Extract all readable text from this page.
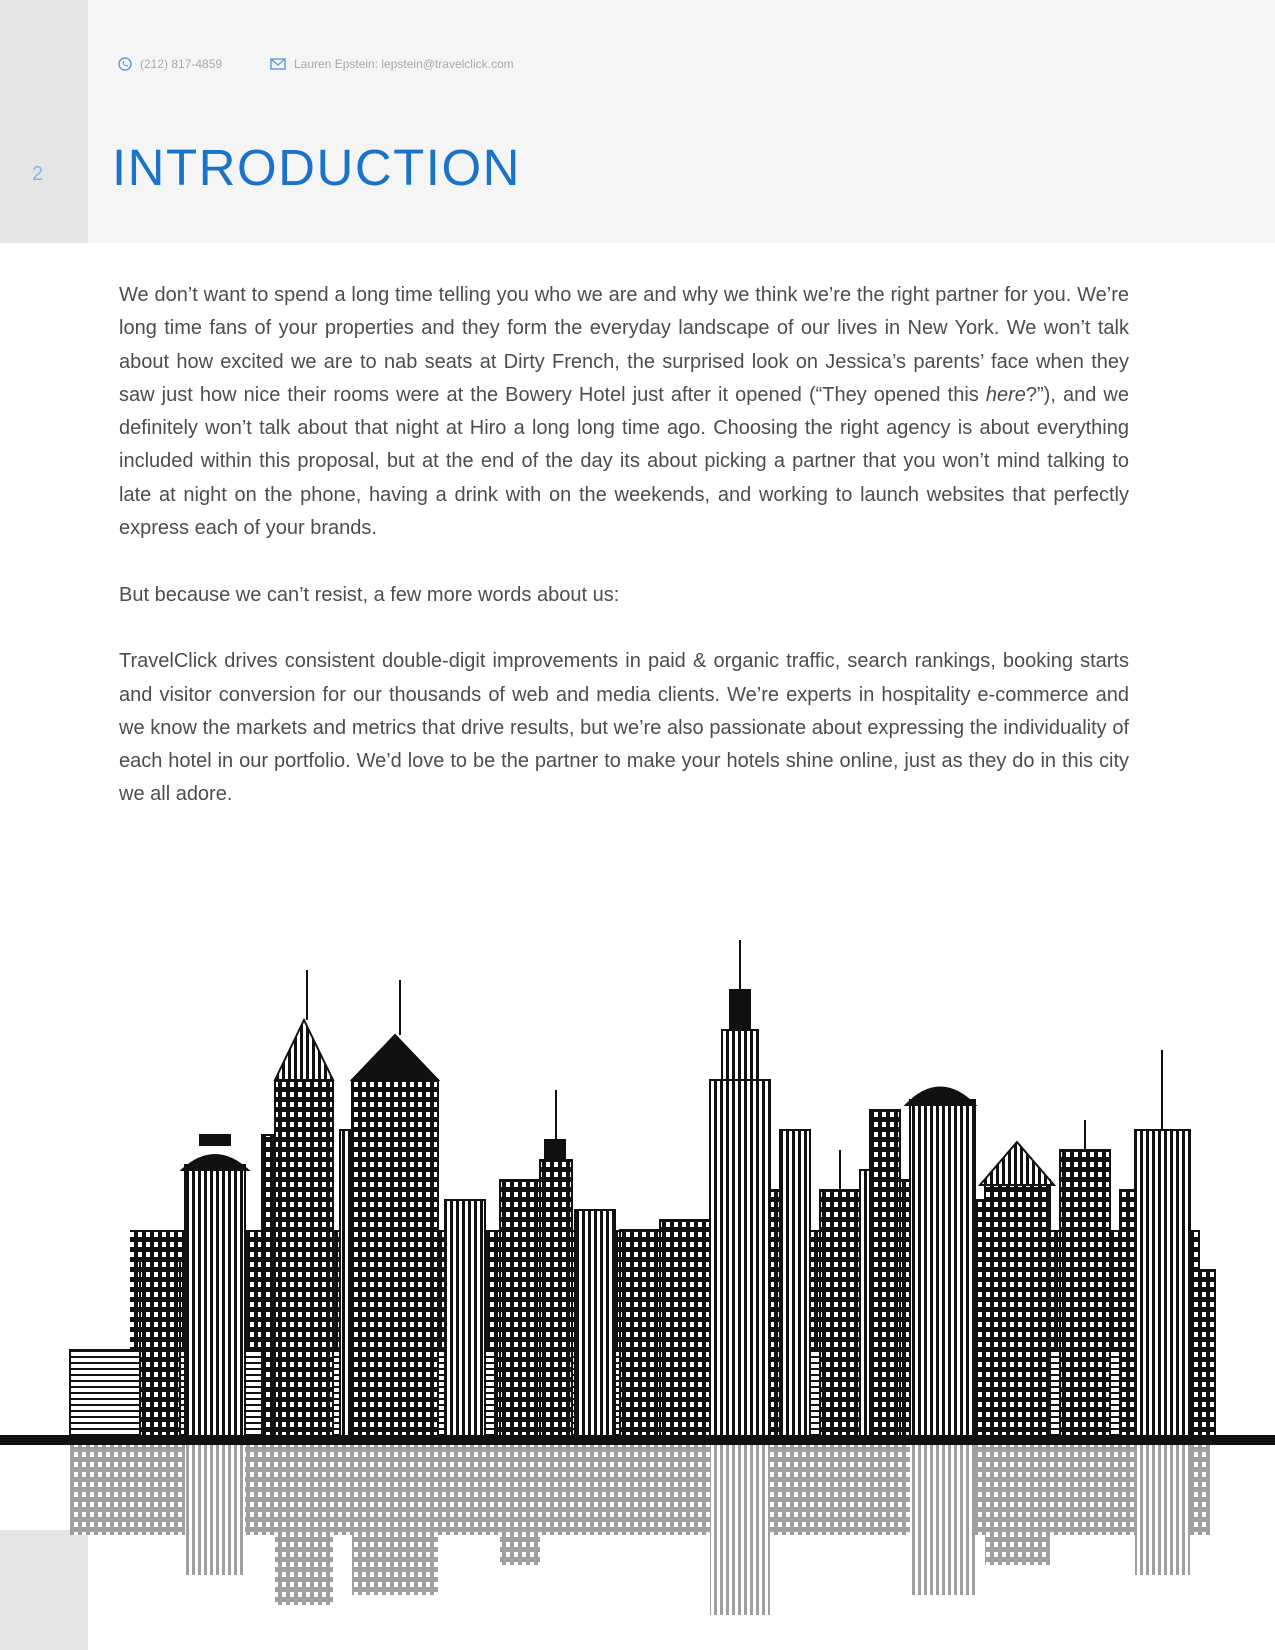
2
(212) 817-4859	Lauren Epstein: lepstein@travelclick.com
INTRODUCTION

We don’t want to spend a long time telling you who we are and why we think we’re the right partner for you. We’re long time fans of your properties and they form the everyday landscape of our lives in New York. We won’t talk about how excited we are to nab seats at Dirty French, the surprised look on Jessica’s parents’ face when they saw just how nice their rooms were at the Bowery Hotel just after it opened (“They opened this here?”), and we definitely won’t talk about that night at Hiro a long long time ago. Choosing the right agency is about everything included within this proposal, but at the end of the day its about picking a partner that you won’t mind talking to late at night on the phone, having a drink with on the weekends, and working to launch websites that perfectly express each of your brands.

But because we can’t resist, a few more words about us:

TravelClick drives consistent double-digit improvements in paid & organic traffic, search rankings, booking starts and visitor conversion for our thousands of web and media clients. We’re experts in hospitality e-commerce and we know the markets and metrics that drive results, but we’re also passionate about expressing the individuality of each hotel in our portfolio. We’d love to be the partner to make your hotels shine online, just as they do in this city we all adore.
